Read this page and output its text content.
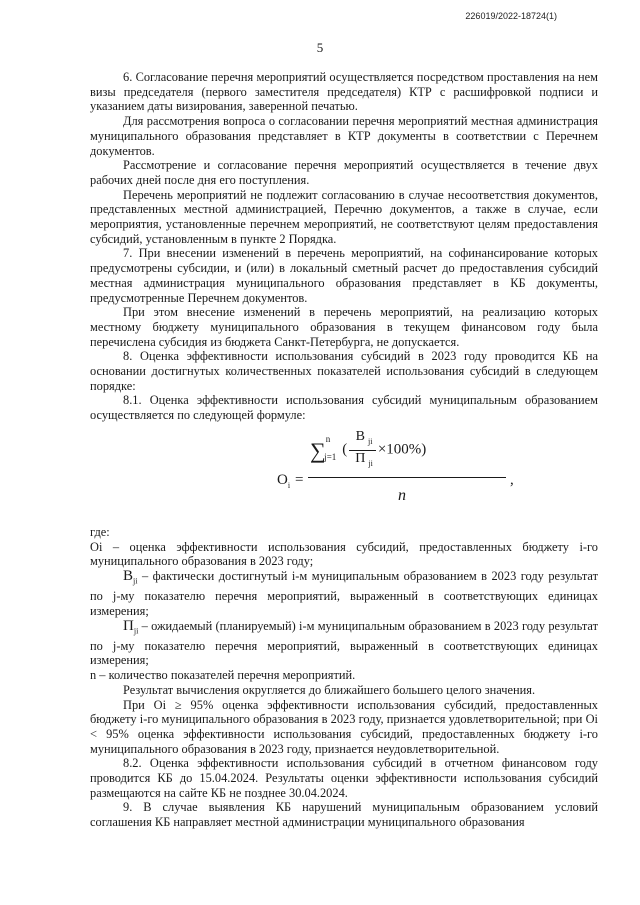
226019/2022-18724(1)
5

6. Согласование перечня мероприятий осуществляется посредством проставления на нем визы председателя (первого заместителя председателя) КТР с расшифровкой подписи и указанием даты визирования, заверенной печатью.

Для рассмотрения вопроса о согласовании перечня мероприятий местная администрация муниципального образования представляет в КТР документы в соответствии с Перечнем документов.

Рассмотрение и согласование перечня мероприятий осуществляется в течение двух рабочих дней после дня его поступления.

Перечень мероприятий не подлежит согласованию в случае несоответствия документов, представленных местной администрацией, Перечню документов, а также в случае, если мероприятия, установленные перечнем мероприятий, не соответствуют целям предоставления субсидий, установленным в пункте 2 Порядка.

7. При внесении изменений в перечень мероприятий, на софинансирование которых предусмотрены субсидии, и (или) в локальный сметный расчет до предоставления субсидий местная администрация муниципального образования представляет в КБ документы, предусмотренные Перечнем документов.

При этом внесение изменений в перечень мероприятий, на реализацию которых местному бюджету муниципального образования в текущем финансовом году была перечислена субсидия из бюджета Санкт-Петербурга, не допускается.

8. Оценка эффективности использования субсидий в 2023 году проводится КБ на основании достигнутых количественных показателей использования субсидий в следующем порядке:

8.1. Оценка эффективности использования субсидий муниципальным образованием осуществляется по следующей формуле:

$O_i$ =
∑$^n_{j=1}$ ( $\frac{B _{ji}}{П _{ji}} \times 100\%$)
,
n

где:

Оi – оценка эффективности использования субсидий, предоставленных бюджету i-го муниципального образования в 2023 году;

$B_{ji}$ – фактически достигнутый i-м муниципальным образованием в 2023 году результат по j-му показателю перечня мероприятий, выраженный в соответствующих единицах измерения;

$П_{ji}$ – ожидаемый (планируемый) i-м муниципальным образованием в 2023 году результат по j-му показателю перечня мероприятий, выраженный в соответствующих единицах измерения;

n – количество показателей перечня мероприятий.

Результат вычисления округляется до ближайшего большего целого значения.

При Оi ≥ 95% оценка эффективности использования субсидий, предоставленных бюджету i-го муниципального образования в 2023 году, признается удовлетворительной; при Оi < 95% оценка эффективности использования субсидий, предоставленных бюджету i-го муниципального образования в 2023 году, признается неудовлетворительной.

8.2. Оценка эффективности использования субсидий в отчетном финансовом году проводится КБ до 15.04.2024. Результаты оценки эффективности использования субсидий размещаются на сайте КБ не позднее 30.04.2024.

9. В случае выявления КБ нарушений муниципальным образованием условий соглашения КБ направляет местной администрации муниципального образования
